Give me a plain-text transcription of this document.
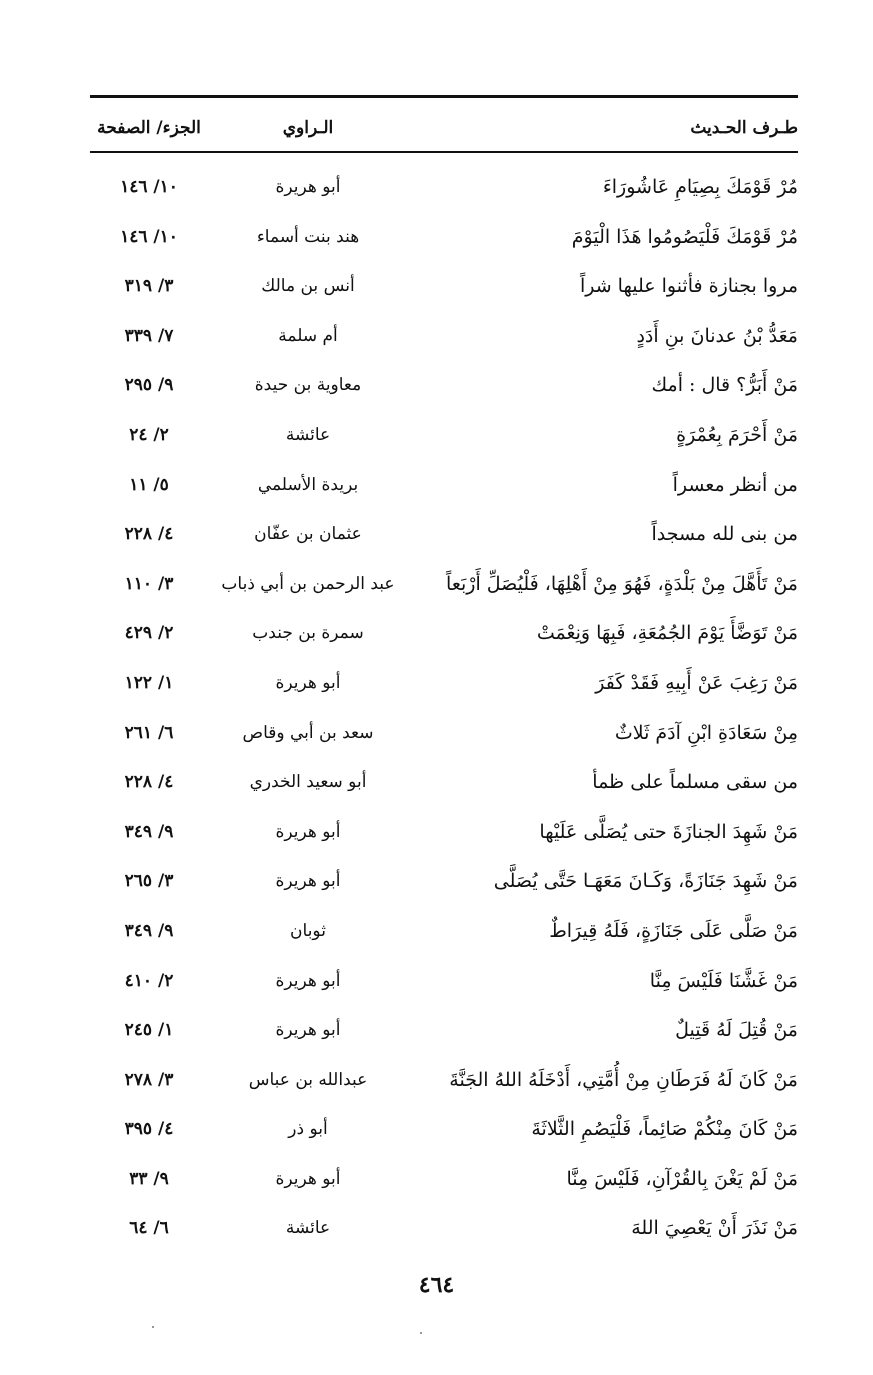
طـرف الحـديث
الـراوي
الجزء/ الصفحة
مُرْ قَوْمَكَ بِصِيَامِ عَاشُورَاءَ
أبو هريرة
١٠/ ١٤٦
مُرْ قَوْمَكَ فَلْيَصُومُوا هَذَا الْيَوْمَ
هند بنت أسماء
١٠/ ١٤٦
مروا بجنازة فأثنوا عليها شراً
أنس بن مالك
٣/ ٣١٩
مَعَدُّ بْنُ عدنانَ بنِ أَدَدٍ
أم سلمة
٧/ ٣٣٩
مَنْ أَبَرُّ؟ قال : أمك
معاوية بن حيدة
٩/ ٢٩٥
مَنْ أَحْرَمَ بِعُمْرَةٍ
عائشة
٢/ ٢٤
من أنظر معسراً
بريدة الأسلمي
٥/ ١١
من بنى لله مسجداً
عثمان بن عفّان
٤/ ٢٢٨
مَنْ تَأَهَّلَ مِنْ بَلْدَةٍ، فَهُوَ مِنْ أَهْلِهَا، فَلْيُصَلِّ أَرْبَعاً
عبد الرحمن بن أبي ذباب
٣/ ١١٠
مَنْ تَوَضَّأَ يَوْمَ الجُمُعَةِ، فَبِهَا وَنِعْمَتْ
سمرة بن جندب
٢/ ٤٢٩
مَنْ رَغِبَ عَنْ أَبِيهِ فَقَدْ كَفَرَ
أبو هريرة
١/ ١٢٢
مِنْ سَعَادَةِ ابْنِ آدَمَ ثَلاثٌ
سعد بن أبي وقاص
٦/ ٢٦١
من سقى مسلماً على ظمأ
أبو سعيد الخدري
٤/ ٢٢٨
مَنْ شَهِدَ الجنازَةَ حتى يُصَلَّى عَلَيْها
أبو هريرة
٩/ ٣٤٩
مَنْ شَهِدَ جَنَازَةً، وَكَـانَ مَعَهَـا حَتَّى يُصَلَّى
أبو هريرة
٣/ ٢٦٥
مَنْ صَلَّى عَلَى جَنَازَةٍ، فَلَهُ قِيرَاطٌ
ثوبان
٩/ ٣٤٩
مَنْ غَشَّنَا فَلَيْسَ مِنَّا
أبو هريرة
٢/ ٤١٠
مَنْ قُتِلَ لَهُ قَتِيلٌ
أبو هريرة
١/ ٢٤٥
مَنْ كَانَ لَهُ فَرَطَانِ مِنْ أُمَّتِي، أَدْخَلَهُ اللهُ الجَنَّةَ
عبدالله بن عباس
٣/ ٢٧٨
مَنْ كَانَ مِنْكُمْ صَائِماً، فَلْيَصُمِ الثَّلاثَةَ
أبو ذر
٤/ ٣٩٥
مَنْ لَمْ يَغْنَ بِالقُرْآنِ، فَلَيْسَ مِنَّا
أبو هريرة
٩/ ٣٣
مَنْ نَذَرَ أَنْ يَعْصِيَ اللهَ
عائشة
٦/ ٦٤
٤٦٤
